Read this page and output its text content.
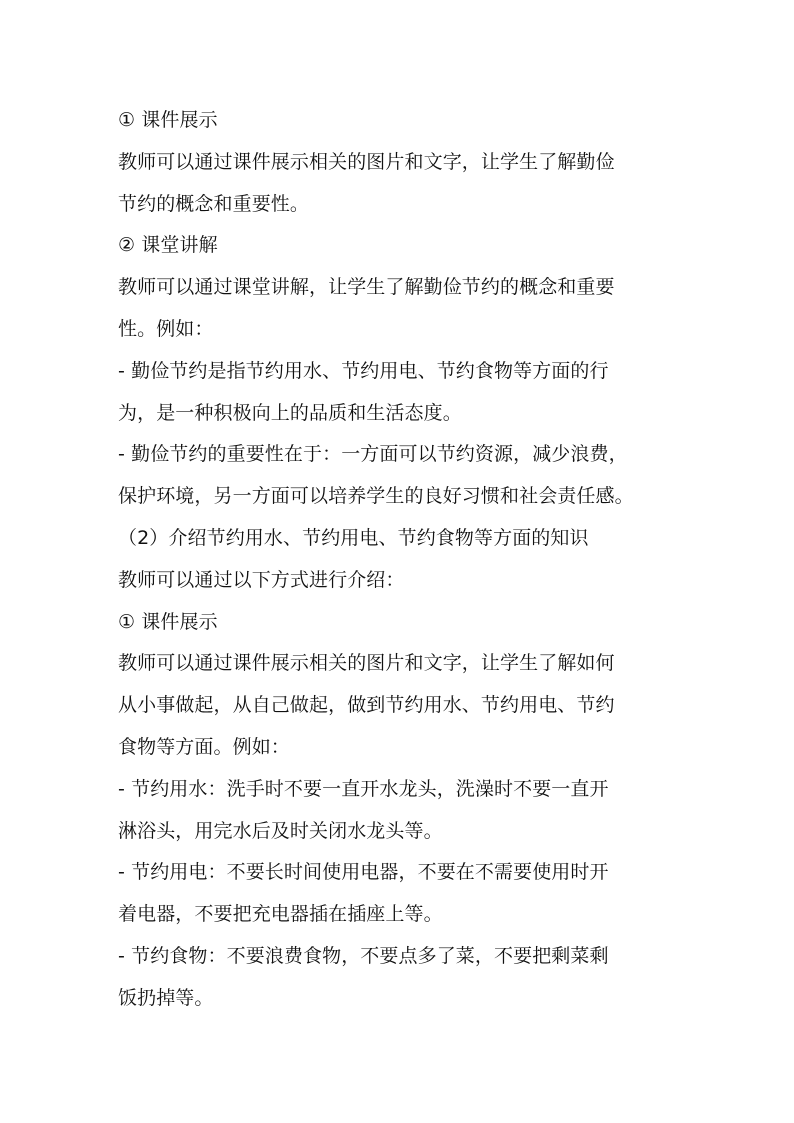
① 课件展示
教师可以通过课件展示相关的图片和文字，让学生了解勤俭
节约的概念和重要性。
② 课堂讲解
教师可以通过课堂讲解，让学生了解勤俭节约的概念和重要
性。例如：
- 勤俭节约是指节约用水、节约用电、节约食物等方面的行
为，是一种积极向上的品质和生活态度。
- 勤俭节约的重要性在于：一方面可以节约资源，减少浪费，
保护环境，另一方面可以培养学生的良好习惯和社会责任感。
（2）介绍节约用水、节约用电、节约食物等方面的知识
教师可以通过以下方式进行介绍：
① 课件展示
教师可以通过课件展示相关的图片和文字，让学生了解如何
从小事做起，从自己做起，做到节约用水、节约用电、节约
食物等方面。例如：
- 节约用水：洗手时不要一直开水龙头，洗澡时不要一直开
淋浴头，用完水后及时关闭水龙头等。
- 节约用电：不要长时间使用电器，不要在不需要使用时开
着电器，不要把充电器插在插座上等。
- 节约食物：不要浪费食物，不要点多了菜，不要把剩菜剩
饭扔掉等。
